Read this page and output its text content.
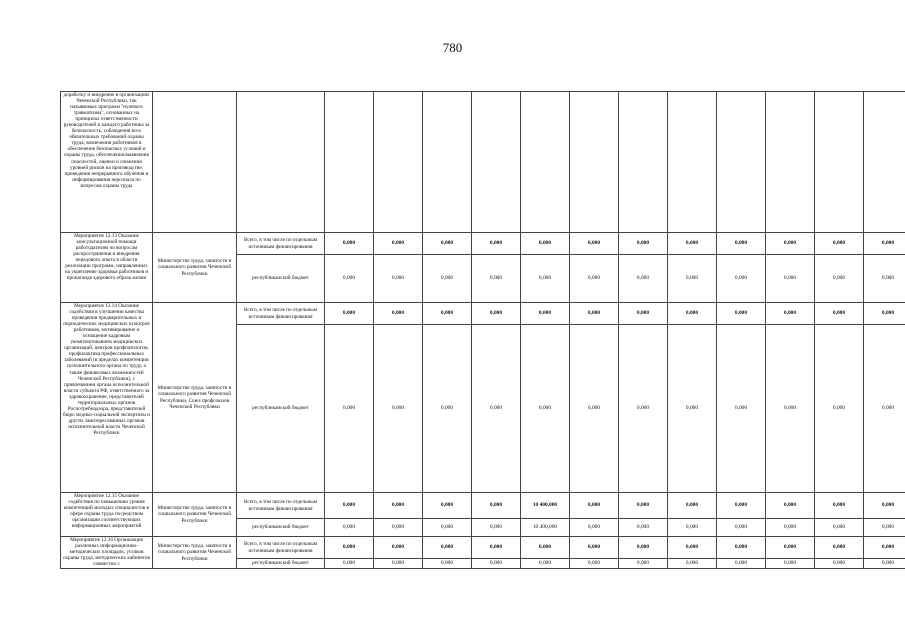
780
доработку и внедрение в организациях Чеченской Республики, так называемых программ "нулевого травматизма", основанных на принципах ответственности руководителей и каждого работника за безопасность, соблюдения всех обязательных требований охраны труда, вовлечения работников в обеспечение безопасных условий и охраны труда, обеспечения выявления опасностей, оценки и снижения уровней рисков на производстве, проведения непрерывного обучения и информирования персонала по вопросам охраны труда														
Мероприятие 12.13 Оказание консультационной помощи работодателям по вопросам распространения и внедрения передового опыта в области реализации программ, направленных на укрепление здоровья работников и пропаганде здорового образа жизни	Министерство труда, занятости и социального развития Чеченской Республики	Всего, в том числе по отдельным источникам финансирования	0,000	0,000	0,000	0,000	0,000	0,000	0,000	0,000	0,000	0,000	0,000	0,000
		республиканский бюджет	0,000	0,000	0,000	0,000	0,000	0,000	0,000	0,000	0,000	0,000	0,000	0,000
Мероприятие 12.14 Оказание содействия в улучшении качества проведения предварительных и периодических медицинских осмотров работников, мотивирование и оснащение кадровым укомплектованием медицинских организаций, центров профпатологии, профилактика профессиональных заболеваний (в пределах компетенции исполнительного органа по труду, а также финансовых возможностей Чеченской Республики), с привлечением органа исполнительной власти субъекта РФ, ответственного за здравоохранение, представителей территориальных органов Роспотребнадзора, представителей бюро медико-социальной экспертизы и других заинтересованных органов исполнительной власти Чеченской Республики	Министерство труда, занятости и социального развития Чеченской Республики, Союз профсоюзов Чеченской Республики	Всего, в том числе по отдельным источникам финансирования	0,000	0,000	0,000	0,000	0,000	0,000	0,000	0,000	0,000	0,000	0,000	0,000
		республиканский бюджет	0,000	0,000	0,000	0,000	0,000	0,000	0,000	0,000	0,000	0,000	0,000	0,000
Мероприятие 12.15 Оказание содействия по повышению уровня компетенций молодых специалистов в сфере охраны труда посредством организации соответствующих информационных мероприятий	Министерство труда, занятости и социального развития Чеченской Республики	Всего, в том числе по отдельным источникам финансирования	0,000	0,000	0,000	0,000	10 400,000	0,000	0,000	0,000	0,000	0,000	0,000	0,000
		республиканский бюджет	0,000	0,000	0,000	0,000	10 400,000	0,000	0,000	0,000	0,000	0,000	0,000	0,000
Мероприятие 12.16 Организация различных информационно-методических площадок, уголков охраны труда, методических кабинетов совместно с	Министерство труда, занятости и социального развития Чеченской Республики	Всего, в том числе по отдельным источникам финансирования	0,000	0,000	0,000	0,000	0,000	0,000	0,000	0,000	0,000	0,000	0,000	0,000
		республиканский бюджет	0,000	0,000	0,000	0,000	0,000	0,000	0,000	0,000	0,000	0,000	0,000	0,000
